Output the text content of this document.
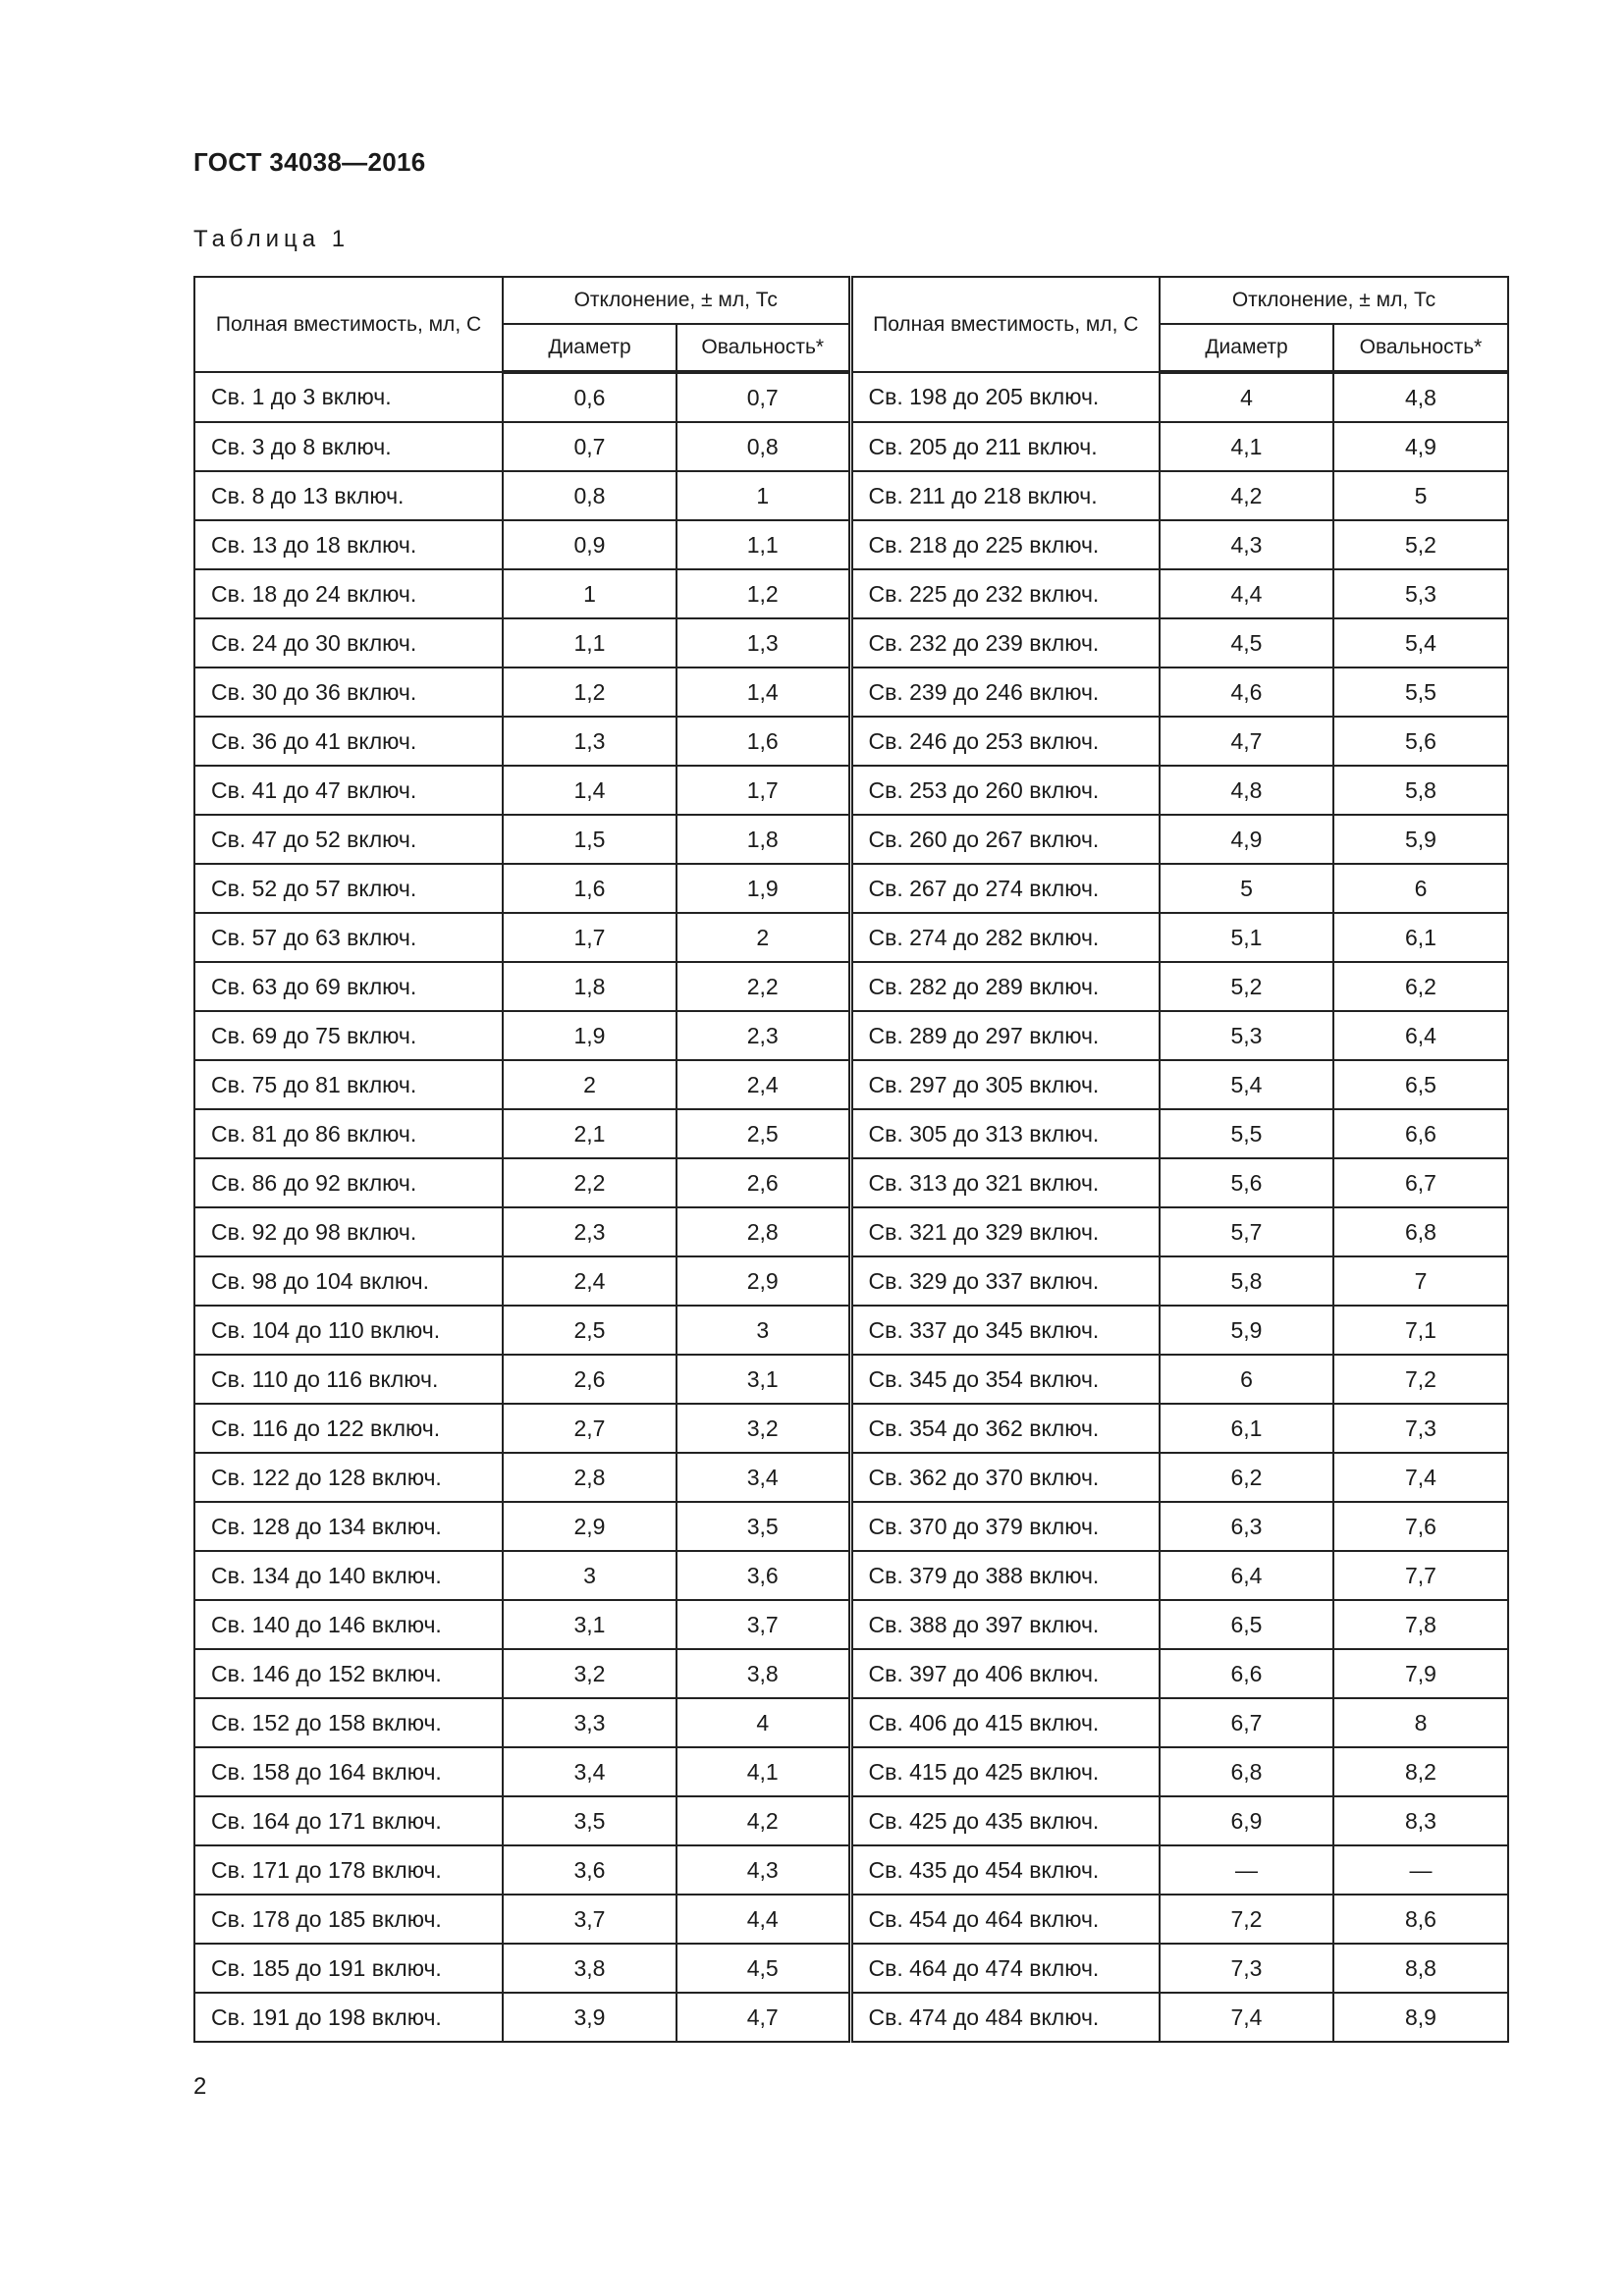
ГОСТ 34038—2016
Таблица 1
Полная вместимость, мл, С	Отклонение, ± мл, Тс		Полная вместимость, мл, С	Отклонение, ± мл, Тс	
	Диаметр	Овальность*		Диаметр	Овальность*
Св. 1 до 3 включ.	0,6	0,7	Св. 198 до 205 включ.	4	4,8
Св. 3 до 8 включ.	0,7	0,8	Св. 205 до 211 включ.	4,1	4,9
Св. 8 до 13 включ.	0,8	1	Св. 211 до 218 включ.	4,2	5
Св. 13 до 18 включ.	0,9	1,1	Св. 218 до 225 включ.	4,3	5,2
Св. 18 до 24 включ.	1	1,2	Св. 225 до 232 включ.	4,4	5,3
Св. 24 до 30 включ.	1,1	1,3	Св. 232 до 239 включ.	4,5	5,4
Св. 30 до 36 включ.	1,2	1,4	Св. 239 до 246 включ.	4,6	5,5
Св. 36 до 41 включ.	1,3	1,6	Св. 246 до 253 включ.	4,7	5,6
Св. 41 до 47 включ.	1,4	1,7	Св. 253 до 260 включ.	4,8	5,8
Св. 47 до 52 включ.	1,5	1,8	Св. 260 до 267 включ.	4,9	5,9
Св. 52 до 57 включ.	1,6	1,9	Св. 267 до 274 включ.	5	6
Св. 57 до 63 включ.	1,7	2	Св. 274 до 282 включ.	5,1	6,1
Св. 63 до 69 включ.	1,8	2,2	Св. 282 до 289 включ.	5,2	6,2
Св. 69 до 75 включ.	1,9	2,3	Св. 289 до 297 включ.	5,3	6,4
Св. 75 до 81 включ.	2	2,4	Св. 297 до 305 включ.	5,4	6,5
Св. 81 до 86 включ.	2,1	2,5	Св. 305 до 313 включ.	5,5	6,6
Св. 86 до 92 включ.	2,2	2,6	Св. 313 до 321 включ.	5,6	6,7
Св. 92 до 98 включ.	2,3	2,8	Св. 321 до 329 включ.	5,7	6,8
Св. 98 до 104 включ.	2,4	2,9	Св. 329 до 337 включ.	5,8	7
Св. 104 до 110 включ.	2,5	3	Св. 337 до 345 включ.	5,9	7,1
Св. 110 до 116 включ.	2,6	3,1	Св. 345 до 354 включ.	6	7,2
Св. 116 до 122 включ.	2,7	3,2	Св. 354 до 362 включ.	6,1	7,3
Св. 122 до 128 включ.	2,8	3,4	Св. 362 до 370 включ.	6,2	7,4
Св. 128 до 134 включ.	2,9	3,5	Св. 370 до 379 включ.	6,3	7,6
Св. 134 до 140 включ.	3	3,6	Св. 379 до 388 включ.	6,4	7,7
Св. 140 до 146 включ.	3,1	3,7	Св. 388 до 397 включ.	6,5	7,8
Св. 146 до 152 включ.	3,2	3,8	Св. 397 до 406 включ.	6,6	7,9
Св. 152 до 158 включ.	3,3	4	Св. 406 до 415 включ.	6,7	8
Св. 158 до 164 включ.	3,4	4,1	Св. 415 до 425 включ.	6,8	8,2
Св. 164 до 171 включ.	3,5	4,2	Св. 425 до 435 включ.	6,9	8,3
Св. 171 до 178 включ.	3,6	4,3	Св. 435 до 454 включ.	—	—
Св. 178 до 185 включ.	3,7	4,4	Св. 454 до 464 включ.	7,2	8,6
Св. 185 до 191 включ.	3,8	4,5	Св. 464 до 474 включ.	7,3	8,8
Св. 191 до 198 включ.	3,9	4,7	Св. 474 до 484 включ.	7,4	8,9
2
